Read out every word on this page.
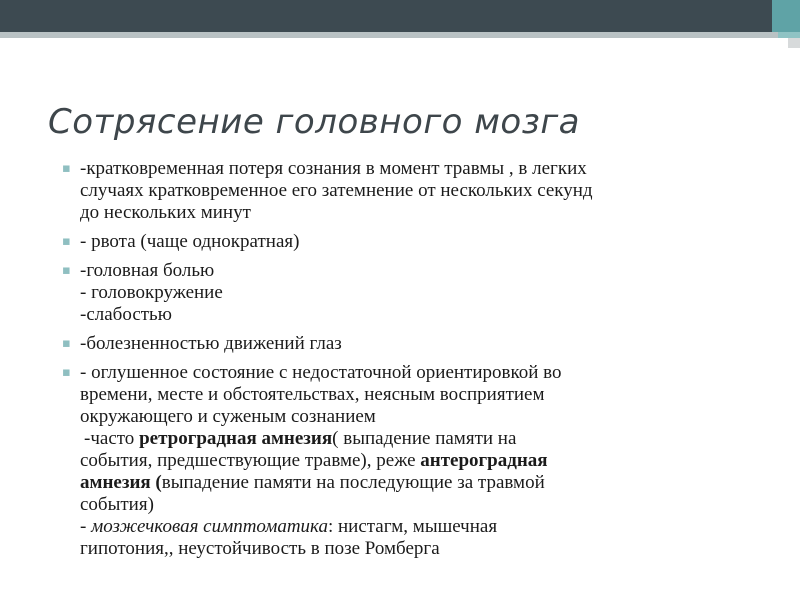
Сотрясение головного мозга
▪ -кратковременная потеря сознания в момент травмы , в легких
случаях кратковременное его затемнение от нескольких секунд
до нескольких минут
▪ - рвота (чаще однократная)
▪ -головная болью
- головокружение
-слабостью
▪ -болезненностью движений глаз
▪ - оглушенное состояние с недостаточной ориентировкой во
времени, месте и обстоятельствах, неясным восприятием
окружающего и суженым сознанием
-часто ретроградная амнезия( выпадение памяти на
события, предшествующие травме), реже антероградная
амнезия (выпадение памяти на последующие за травмой
события)
- мозжечковая симптоматика: нистагм, мышечная
гипотония,, неустойчивость в позе Ромберга
